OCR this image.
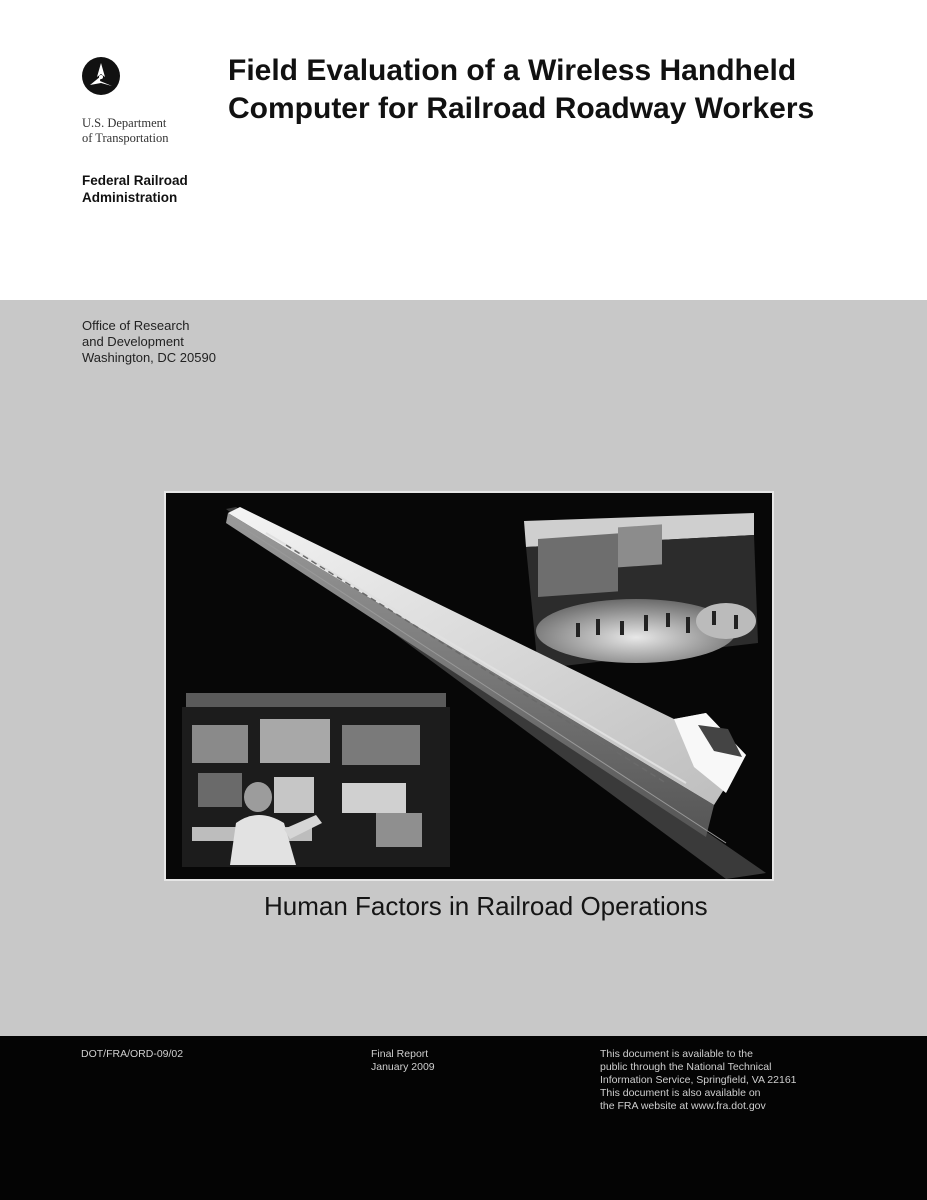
U.S. Department
of Transportation
Federal Railroad
Administration
Field Evaluation of a Wireless Handheld
Computer for Railroad Roadway Workers
Office of Research
and Development
Washington, DC 20590
Human Factors in Railroad Operations
DOT/FRA/ORD-09/02	Final Report
January 2009
This document is available to the
public through the National Technical
Information Service, Springfield, VA 22161
This document is also available on
the FRA website at www.fra.dot.gov
